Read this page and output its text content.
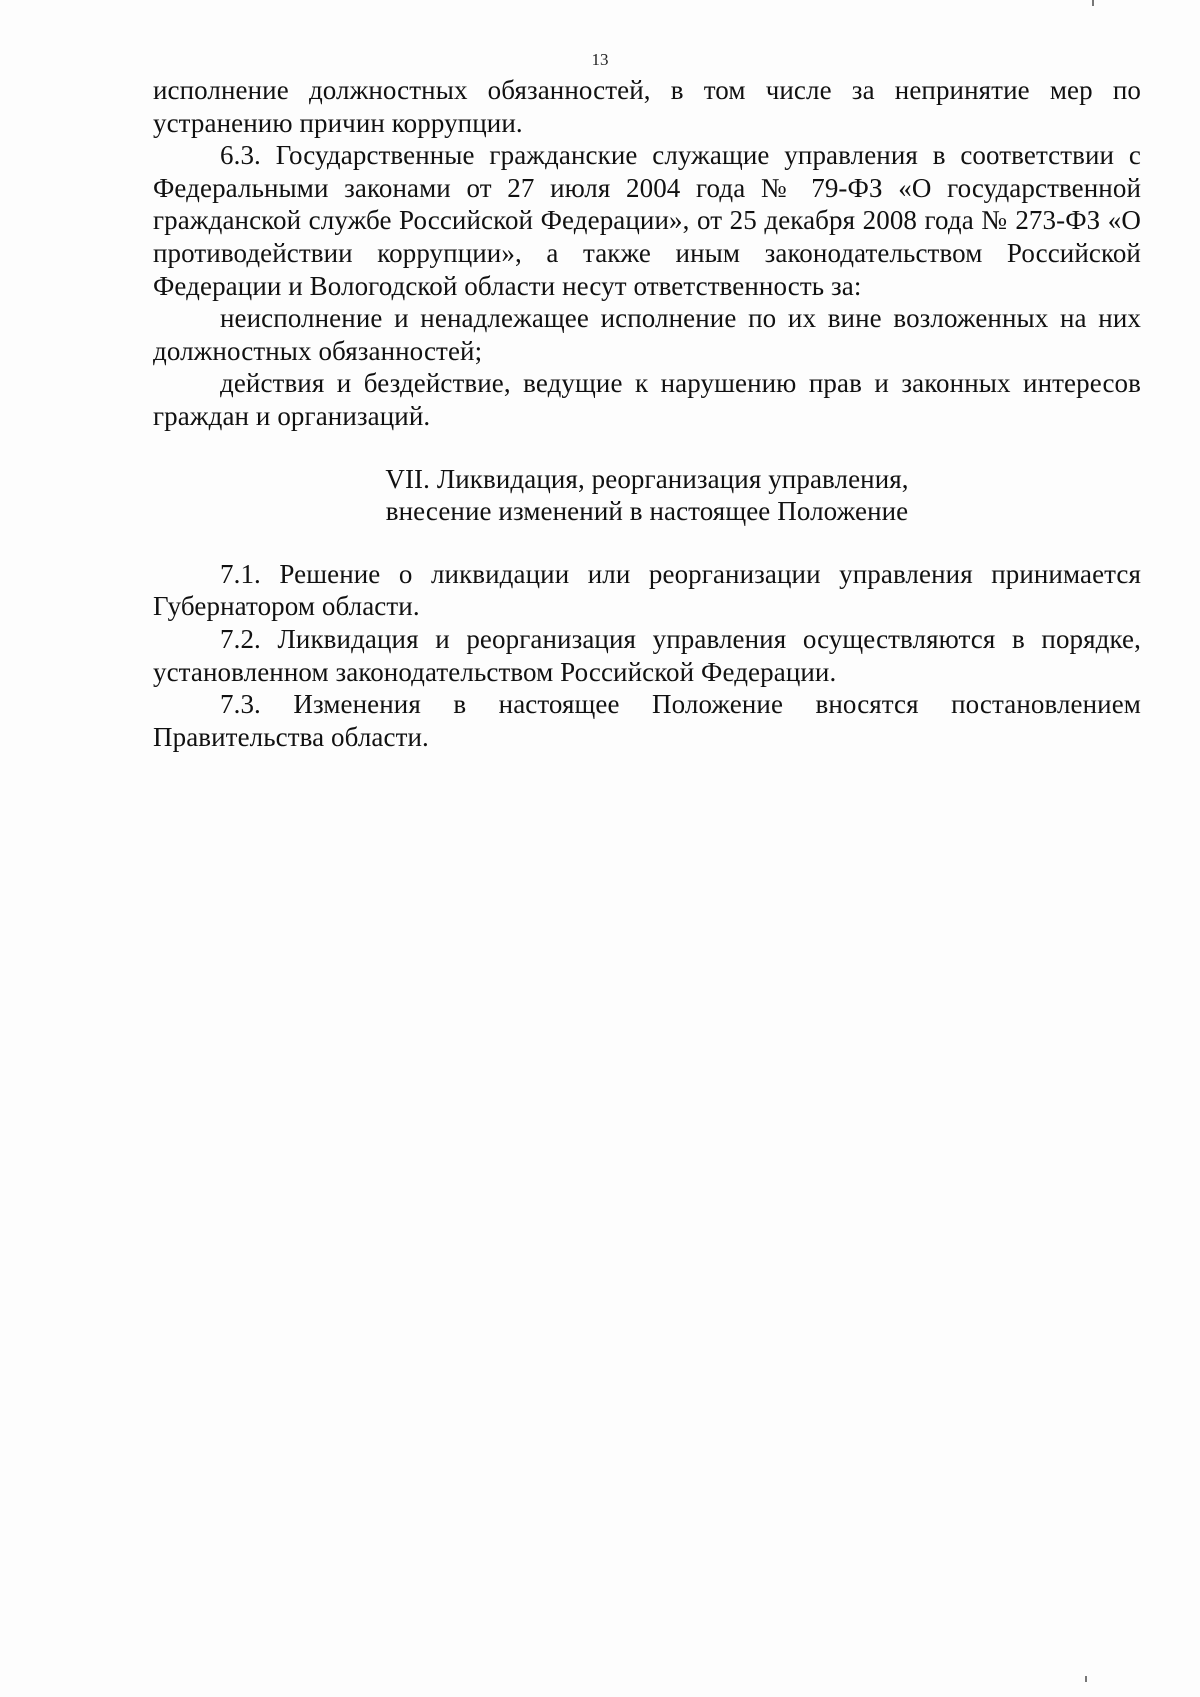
13

исполнение должностных обязанностей, в том числе за непринятие мер по устранению причин коррупции.

6.3. Государственные гражданские служащие управления в соответствии с Федеральными законами от 27 июля 2004 года № 79-ФЗ «О государственной гражданской службе Российской Федерации», от 25 декабря 2008 года № 273-ФЗ «О противодействии коррупции», а также иным законодательством Российской Федерации и Вологодской области несут ответственность за:

неисполнение и ненадлежащее исполнение по их вине возложенных на них должностных обязанностей;

действия и бездействие, ведущие к нарушению прав и законных интересов граждан и организаций.

VII. Ликвидация, реорганизация управления,
внесение изменений в настоящее Положение

7.1. Решение о ликвидации или реорганизации управления принимается Губернатором области.

7.2. Ликвидация и реорганизация управления осуществляются в порядке, установленном законодательством Российской Федерации.

7.3. Изменения в настоящее Положение вносятся постановлением Правительства области.
